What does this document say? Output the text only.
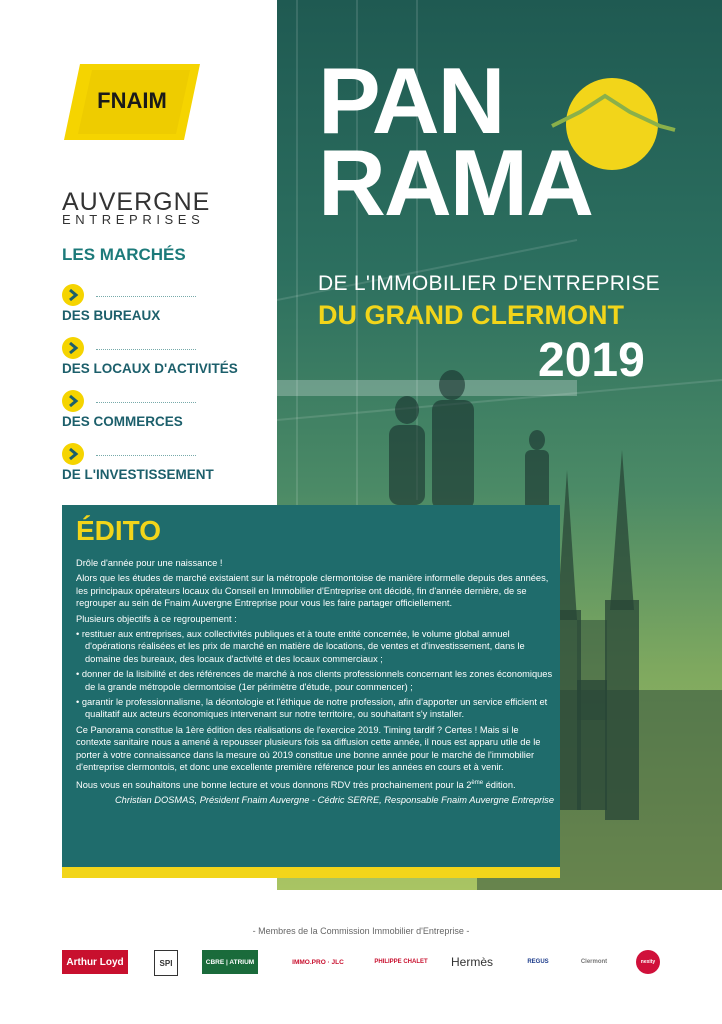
FNAIM
AUVERGNE
ENTREPRISES
LES MARCHÉS
DES BUREAUX
DES LOCAUX D'ACTIVITÉS
DES COMMERCES
DE L'INVESTISSEMENT
PAN
RAMA
DE L'IMMOBILIER D'ENTREPRISE
DU GRAND CLERMONT
2019
ÉDITO

Drôle d'année pour une naissance !

Alors que les études de marché existaient sur la métropole clermontoise de manière informelle depuis des années, les principaux opérateurs locaux du Conseil en Immobilier d'Entreprise ont décidé, fin d'année dernière, de se regrouper au sein de Fnaim Auvergne Entreprise pour vous les faire partager officiellement.

Plusieurs objectifs à ce regroupement :

• restituer aux entreprises, aux collectivités publiques et à toute entité concernée, le volume global annuel d'opérations réalisées et les prix de marché en matière de locations, de ventes et d'investissement, dans le domaine des bureaux, des locaux d'activité et des locaux commerciaux ;
• donner de la lisibilité et des références de marché à nos clients professionnels concernant les zones économiques de la grande métropole clermontoise (1er périmètre d'étude, pour commencer) ;
• garantir le professionnalisme, la déontologie et l'éthique de notre profession, afin d'apporter un service efficient et qualitatif aux acteurs économiques intervenant sur notre territoire, ou souhaitant s'y installer.

Ce Panorama constitue la 1ère édition des réalisations de l'exercice 2019. Timing tardif ? Certes ! Mais si le contexte sanitaire nous a amené à repousser plusieurs fois sa diffusion cette année, il nous est apparu utile de le porter à votre connaissance dans la mesure où 2019 constitue une bonne année pour le marché de l'immobilier d'entreprise clermontois, et donc une excellente première référence pour les années en cours et à venir.

Nous vous en souhaitons une bonne lecture et vous donnons RDV très prochainement pour la 2ème édition.

Christian DOSMAS, Président Fnaim Auvergne - Cédric SERRE, Responsable Fnaim Auvergne Entreprise

- Membres de la Commission Immobilier d'Entreprise -
Arthur Loyd	SPI	CBRE | ATRIUM	IMMO.PRO · JLC	PHILIPPE CHALET	Hermès	REGUS	Clermont	nexity
